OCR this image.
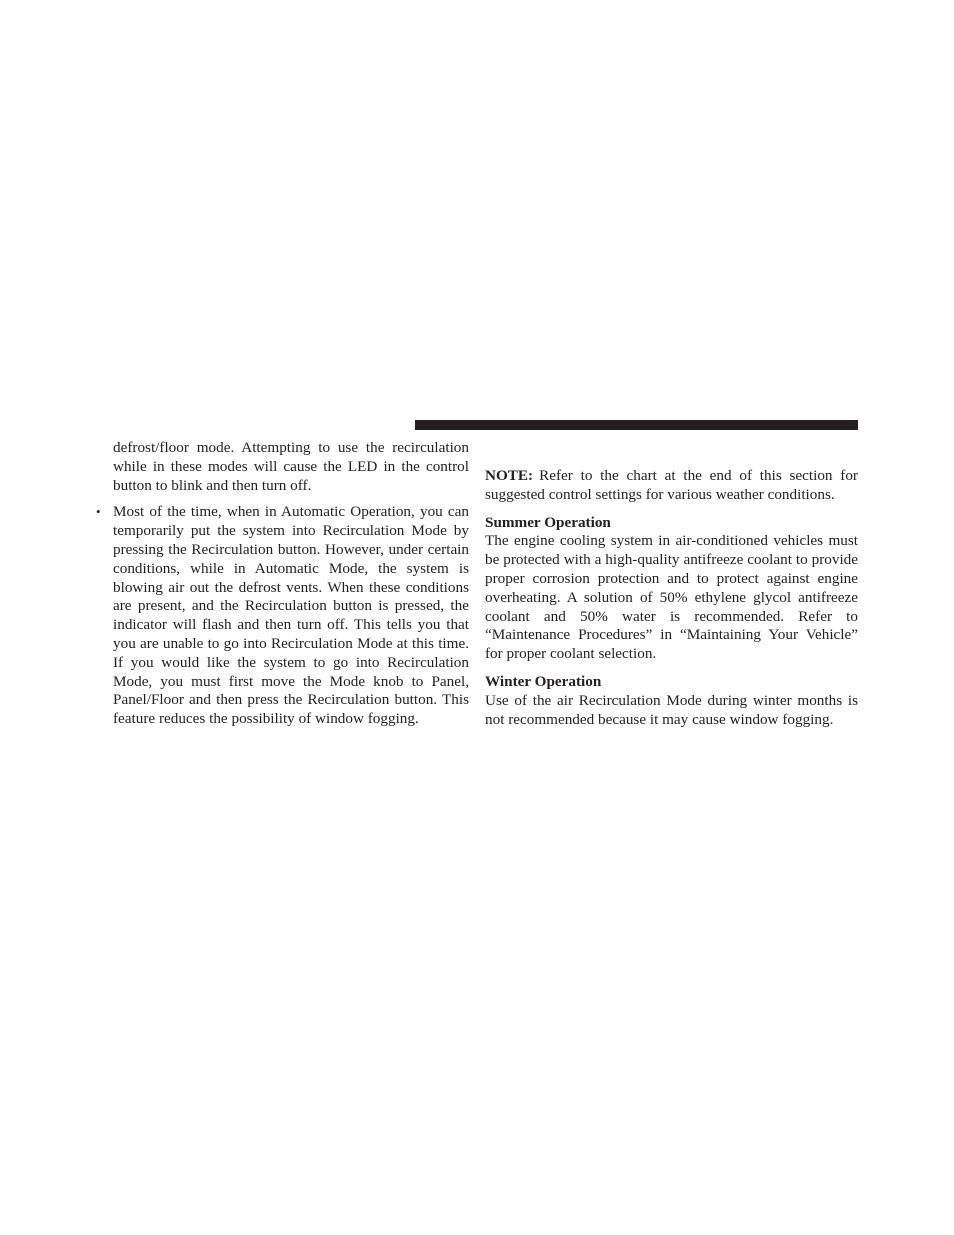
defrost/floor mode. Attempting to use the recirculation while in these modes will cause the LED in the control button to blink and then turn off.

• Most of the time, when in Automatic Operation, you can temporarily put the system into Recirculation Mode by pressing the Recirculation button. However, under certain conditions, while in Automatic Mode, the system is blowing air out the defrost vents. When these conditions are present, and the Recirculation button is pressed, the indicator will flash and then turn off. This tells you that you are unable to go into Recirculation Mode at this time. If you would like the system to go into Recirculation Mode, you must first move the Mode knob to Panel, Panel/Floor and then press the Recirculation button. This feature reduces the possibility of window fogging.

NOTE: Refer to the chart at the end of this section for suggested control settings for various weather conditions.

Summer Operation

The engine cooling system in air-conditioned vehicles must be protected with a high-quality antifreeze coolant to provide proper corrosion protection and to protect against engine overheating. A solution of 50% ethylene glycol antifreeze coolant and 50% water is recommended. Refer to “Maintenance Procedures” in “Maintaining Your Vehicle” for proper coolant selection.

Winter Operation

Use of the air Recirculation Mode during winter months is not recommended because it may cause window fogging.
